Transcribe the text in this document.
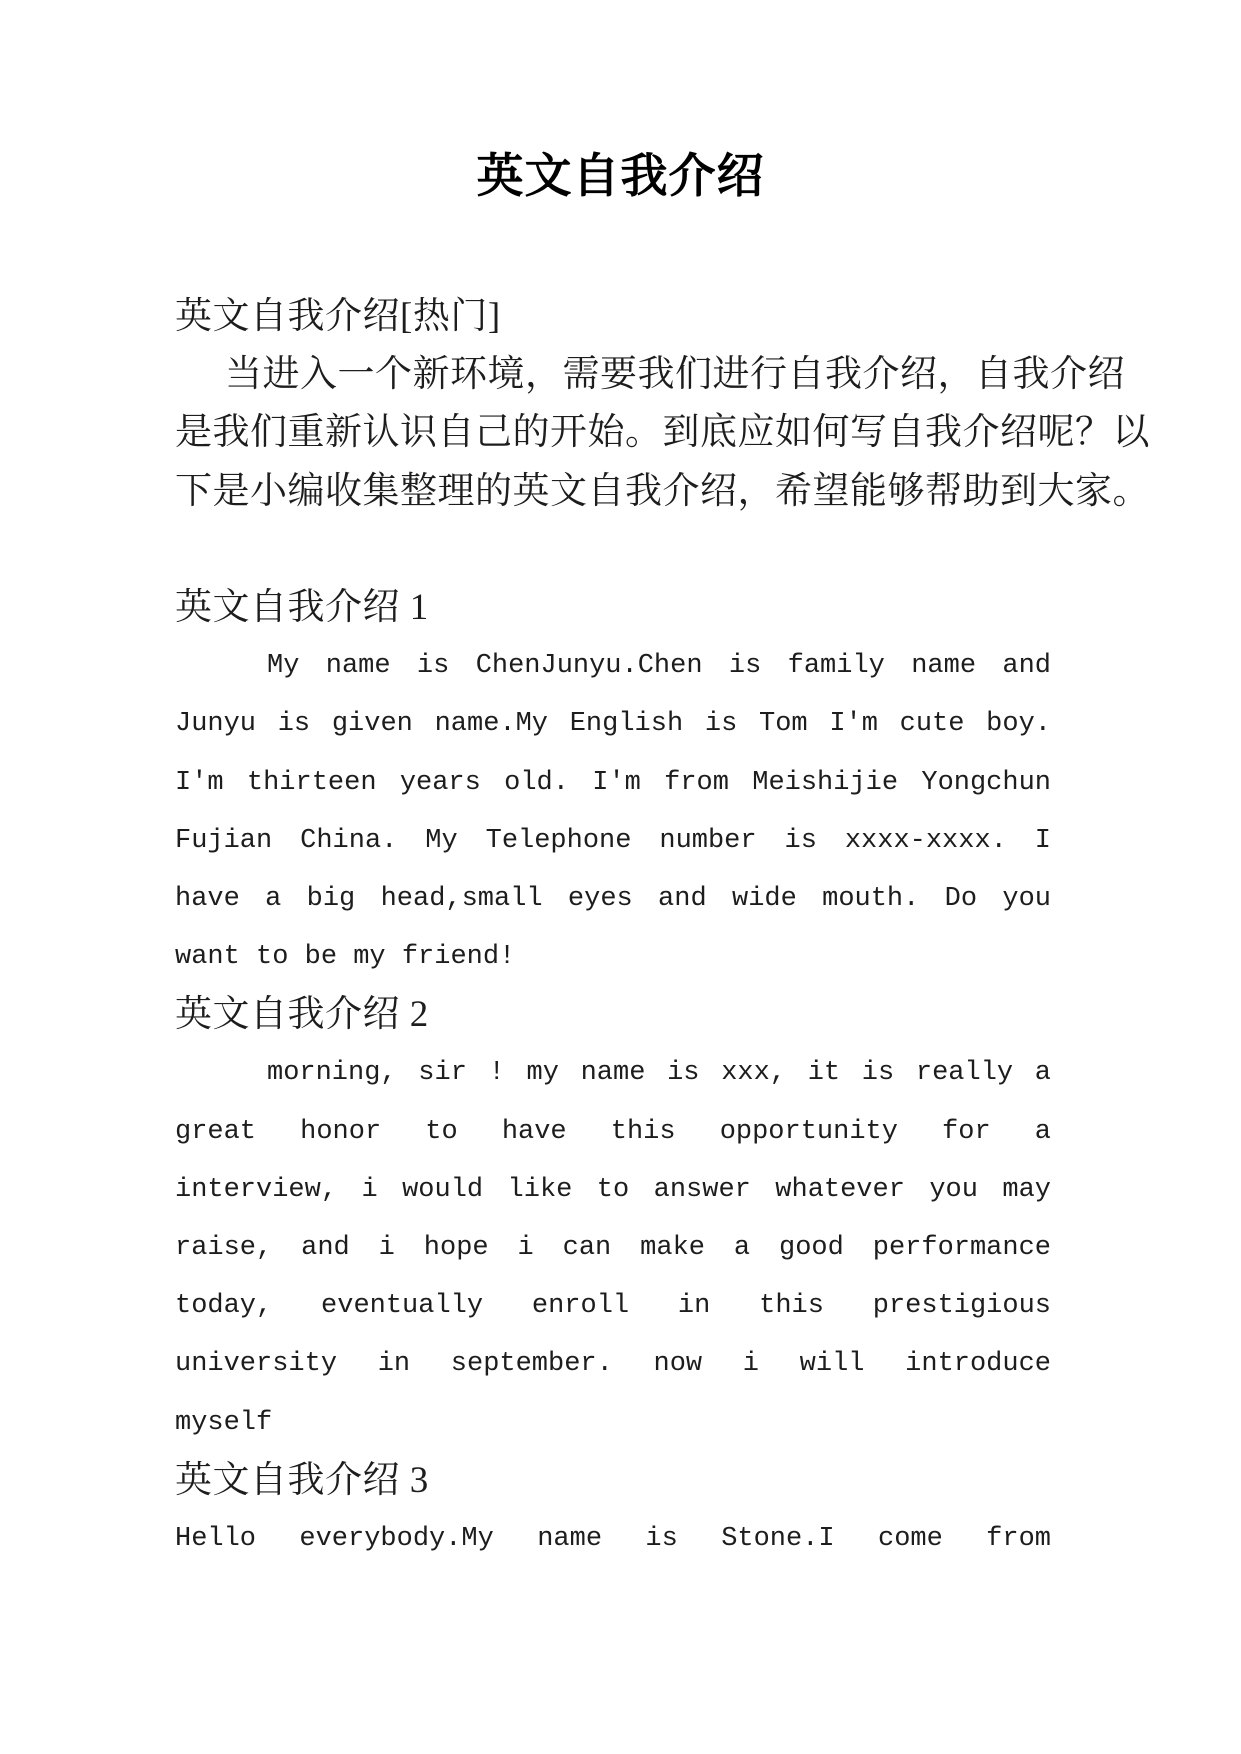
英文自我介绍
英文自我介绍[热门]
当进入一个新环境，需要我们进行自我介绍，自我介绍
是我们重新认识自己的开始。到底应如何写自我介绍呢？以
下是小编收集整理的英文自我介绍，希望能够帮助到大家。
英文自我介绍 1
My name is ChenJunyu.Chen is family name and
Junyu is given name.My English is Tom I'm cute boy.
I'm thirteen years old. I'm from Meishijie Yongchun
Fujian China. My Telephone number is xxxx-xxxx. I
have a big head,small eyes and wide mouth. Do you
want to be my friend!
英文自我介绍 2
morning, sir ! my name is xxx, it is really a
great honor to have this opportunity for a
interview, i would like to answer whatever you may
raise, and i hope i can make a good performance
today, eventually enroll in this prestigious
university in september. now i will introduce
myself
英文自我介绍 3
Hello everybody.My name is Stone.I come from
